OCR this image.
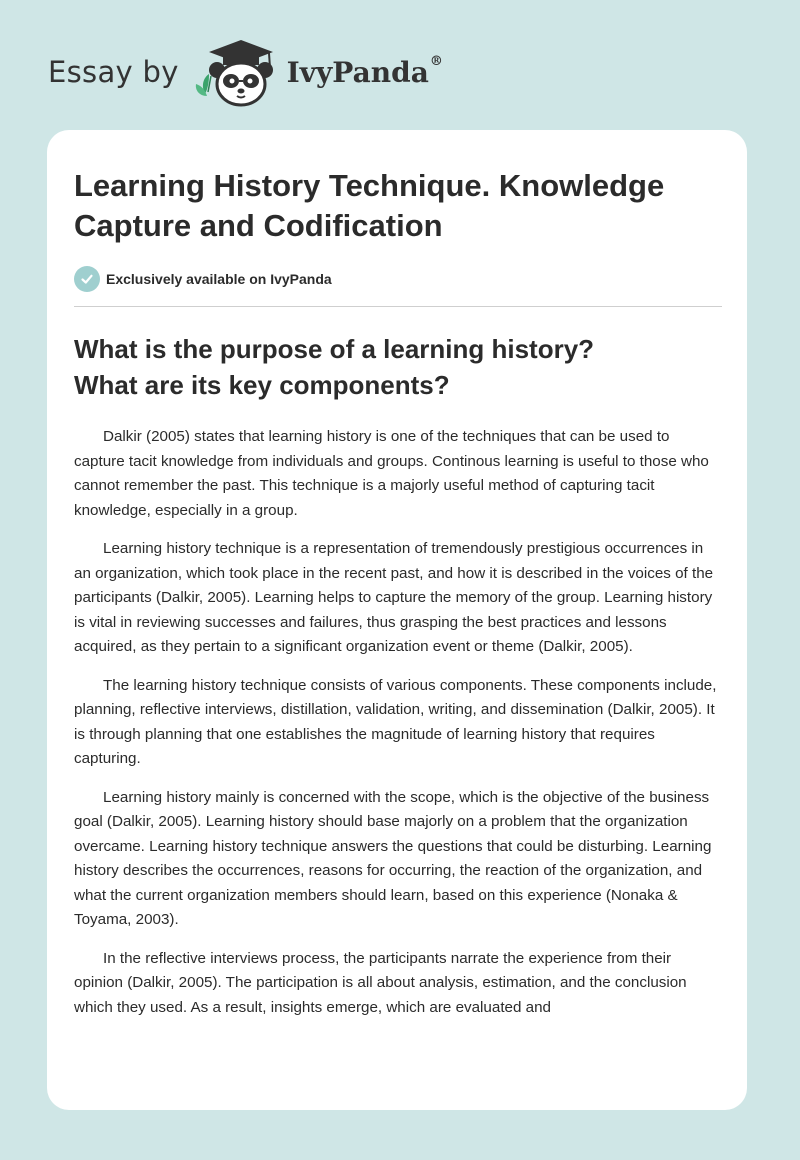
Essay by	IvyPanda®
Learning History Technique. Knowledge
Capture and Codification
Exclusively available on IvyPanda
What is the purpose of a learning history?
What are its key components?

Dalkir (2005) states that learning history is one of the techniques that can be used to capture tacit knowledge from individuals and groups. Continous learning is useful to those who cannot remember the past. This technique is a majorly useful method of capturing tacit knowledge, especially in a group.

Learning history technique is a representation of tremendously prestigious occurrences in an organization, which took place in the recent past, and how it is described in the voices of the participants (Dalkir, 2005). Learning helps to capture the memory of the group. Learning history is vital in reviewing successes and failures, thus grasping the best practices and lessons acquired, as they pertain to a significant organization event or theme (Dalkir, 2005).

The learning history technique consists of various components. These components include, planning, reflective interviews, distillation, validation, writing, and dissemination (Dalkir, 2005). It is through planning that one establishes the magnitude of learning history that requires capturing.

Learning history mainly is concerned with the scope, which is the objective of the business goal (Dalkir, 2005). Learning history should base majorly on a problem that the organization overcame. Learning history technique answers the questions that could be disturbing. Learning history describes the occurrences, reasons for occurring, the reaction of the organization, and what the current organization members should learn, based on this experience (Nonaka & Toyama, 2003).

In the reflective interviews process, the participants narrate the experience from their opinion (Dalkir, 2005). The participation is all about analysis, estimation, and the conclusion which they used. As a result, insights emerge, which are evaluated and
